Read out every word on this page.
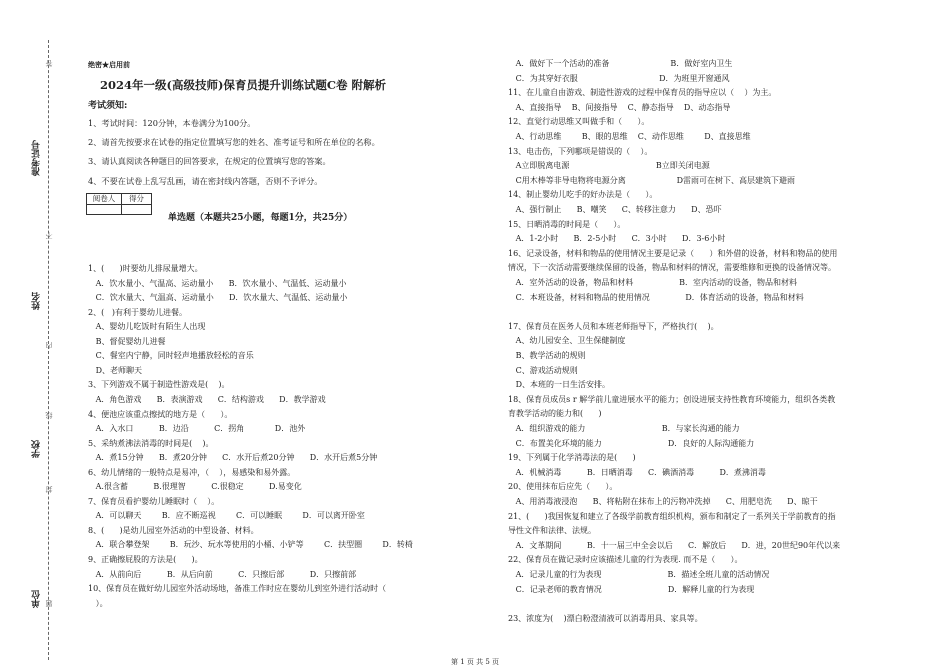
准考证号
姓名
学校
单位
答
不
内
线
封
题
绝密★启用前
2024年一级(高级技师)保育员提升训练试题C卷 附解析
考试须知:
1、考试时间：120分钟，本卷满分为100分。
2、请首先按要求在试卷的指定位置填写您的姓名、准考证号和所在单位的名称。
3、请认真阅读各种题目的回答要求，在规定的位置填写您的答案。
4、不要在试卷上乱写乱画，请在密封线内答题，否则不予评分。
阅卷人	得分
单选题（本题共25小题，每题1分，共25分）
1、(      )时要幼儿排尿量增大。
A．饮水量小、气温高、运动量小      B．饮水量小、气温低、运动量小
C．饮水量大、气温高、运动量小      D．饮水量大、气温低、运动量小
2、(   )有利于婴幼儿进餐。
A、婴幼儿吃饭时有陌生人出现
B、督促婴幼儿进餐
C、餐室内宁静，同时轻声地播放轻松的音乐
D、老师聊天
3、下列游戏不属于制造性游戏是(    )。
A．角色游戏      B．表演游戏      C．结构游戏      D．教学游戏
4、便池应该重点擦拭的地方是（      ）。
A．入水口          B．边沿          C．拐角            D．池外
5、采纳煮沸法消毒的时间是(    )。
A．煮15分钟      B．煮20分钟      C．水开后煮20分钟      D．水开后煮5分钟
6、幼儿情绪的一般特点是易冲，（    ），易感染和易外露。
A.很含蓄          B.很理智          C.很稳定          D.易变化
7、保育员看护婴幼儿睡眠时（    ）。
A．可以聊天        B．应不断巡视        C．可以睡眠        D．可以离开卧室
8、(      )是幼儿园室外活动的中型设备、材料。
A．联合攀登架        B．玩沙、玩水等使用的小桶、小铲等        C．扶型圈        D．转椅
9、正确擦屁股的方法是(      )。
A．从前向后          B．从后向前          C．只擦后部          D．只擦前部
10、保育员在做好幼儿园室外活动场地，备准工作时应在婴幼儿到室外进行活动时（
）。
A．做好下一个活动的准备                        B．做好室内卫生
C．为其穿好衣服                                D．为班里开窗通风
11、在儿童自由游戏、制造性游戏的过程中保育员的指导应以（    ）为主。
A、直接指导    B、间接指导    C、静态指导    D、动态指导
12、直觉行动思维又叫做手和（      ）。
A、行动思维        B、眼的思维    C、动作思维        D、直接思维
13、电击伤，下列哪项是错误的（    ）。
A立即脱离电源                                  B立即关闭电源
C用木棒等非导电物将电源分离                    D雷雨可在树下、高层建筑下避雨
14、制止婴幼儿吃手的好办法是（      ）。
A、强行制止      B、嘲笑      C、转移注意力      D、恐吓
15、日晒消毒的时间是（      ）。
A．1-2小时      B．2-5小时      C．3小时      D．3-6小时
16、记录设备，材料和物品的使用情况主要是记录（      ）和外借的设备，材料和物品的使用
情况，下一次活动需要继续保留的设备，物品和材料的情况，需要维修和更换的设备情况等。
A．室外活动的设备，物品和材料                  B．室内活动的设备，物品和材料
C．本班设备，材料和物品的使用情况              D．体育活动的设备，物品和材料
17、保育员在医务人员和本班老师指导下，严格执行(    )。
A、幼儿园安全、卫生保健制度
B、教学活动的规则
C、游戏活动规则
D、本班的一日生活安排。
18、保育员成员s r 解学前儿童进展水平的能力；创设进展支持性教育环境能力，组织各类教
育教学活动的能力和(      )
A．组织游戏的能力                              B．与家长沟通的能力
C．布置美化环境的能力                          D．良好的人际沟通能力
19、下列属于化学消毒法的是(      )
A．机械消毒          B．日晒消毒      C．碘酒消毒          D．煮沸消毒
20、使用抹布后应先（      ）。
A、用消毒液浸泡      B、将粘附在抹布上的污物冲洗掉      C、用肥皂洗      D、晾干
21、(      )我国恢复和建立了各级学前教育组织机构，颁布和制定了一系列关于学前教育的指
导性文件和法律、法规。
A．文革期间          B．十一届三中全会以后      C．解放后      D．进，20世纪90年代以来
22、保育员在做记录时应该描述儿童的行为表现. 而不是（      ）。
A．记录儿童的行为表现                          B．描述全班儿童的活动情况
C．记录老师的教育情况                          D．解释儿童的行为表现
23、浓度为(    )漂白粉澄清液可以消毒用具、家具等。
第 1 页 共 5 页
